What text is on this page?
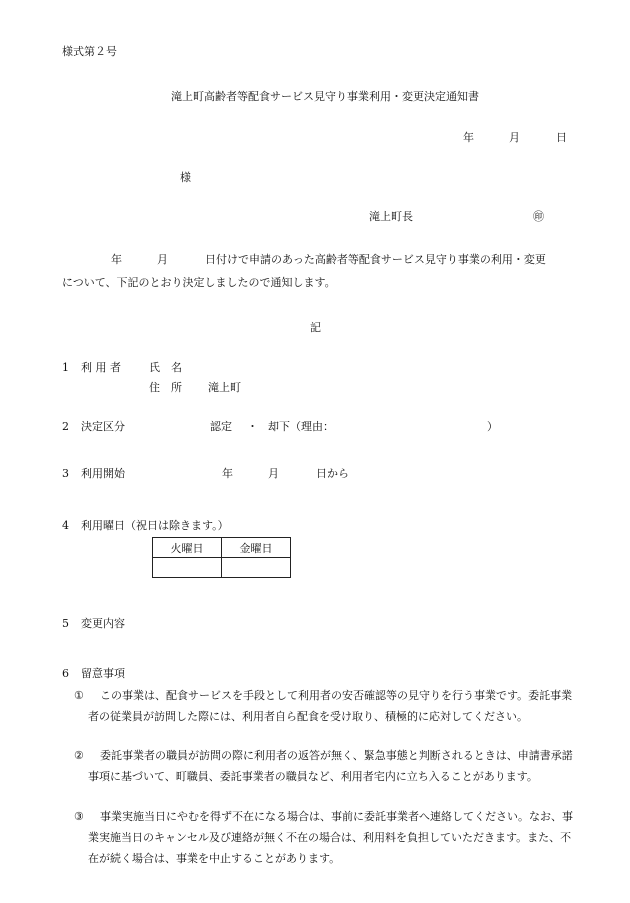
様式第２号
滝上町高齢者等配食サービス見守り事業利用・変更決定通知書
年	月	日
様
滝上町長	㊞
年	月	日付けで申請のあった高齢者等配食サービス見守り事業の利用・変更
について、下記のとおり決定しましたので通知します。
記
1 利 用 者	氏　名
住　所 滝上町
2 決定区分	認定 ・ 却下（理由：	）
3 利用開始	年	月	日から
4 利用曜日（祝日は除きます。）
火曜日	金曜日

5 変更内容
6 留意事項
①	この事業は、配食サービスを手段として利用者の安否確認等の見守りを行う事業です。委託事業者の従業員が訪問した際には、利用者自ら配食を受け取り、積極的に応対してください。
②	委託事業者の職員が訪問の際に利用者の返答が無く、緊急事態と判断されるときは、申請書承諾事項に基づいて、町職員、委託事業者の職員など、利用者宅内に立ち入ることがあります。
③	事業実施当日にやむを得ず不在になる場合は、事前に委託事業者へ連絡してください。なお、事業実施当日のキャンセル及び連絡が無く不在の場合は、利用料を負担していただきます。また、不在が続く場合は、事業を中止することがあります。
